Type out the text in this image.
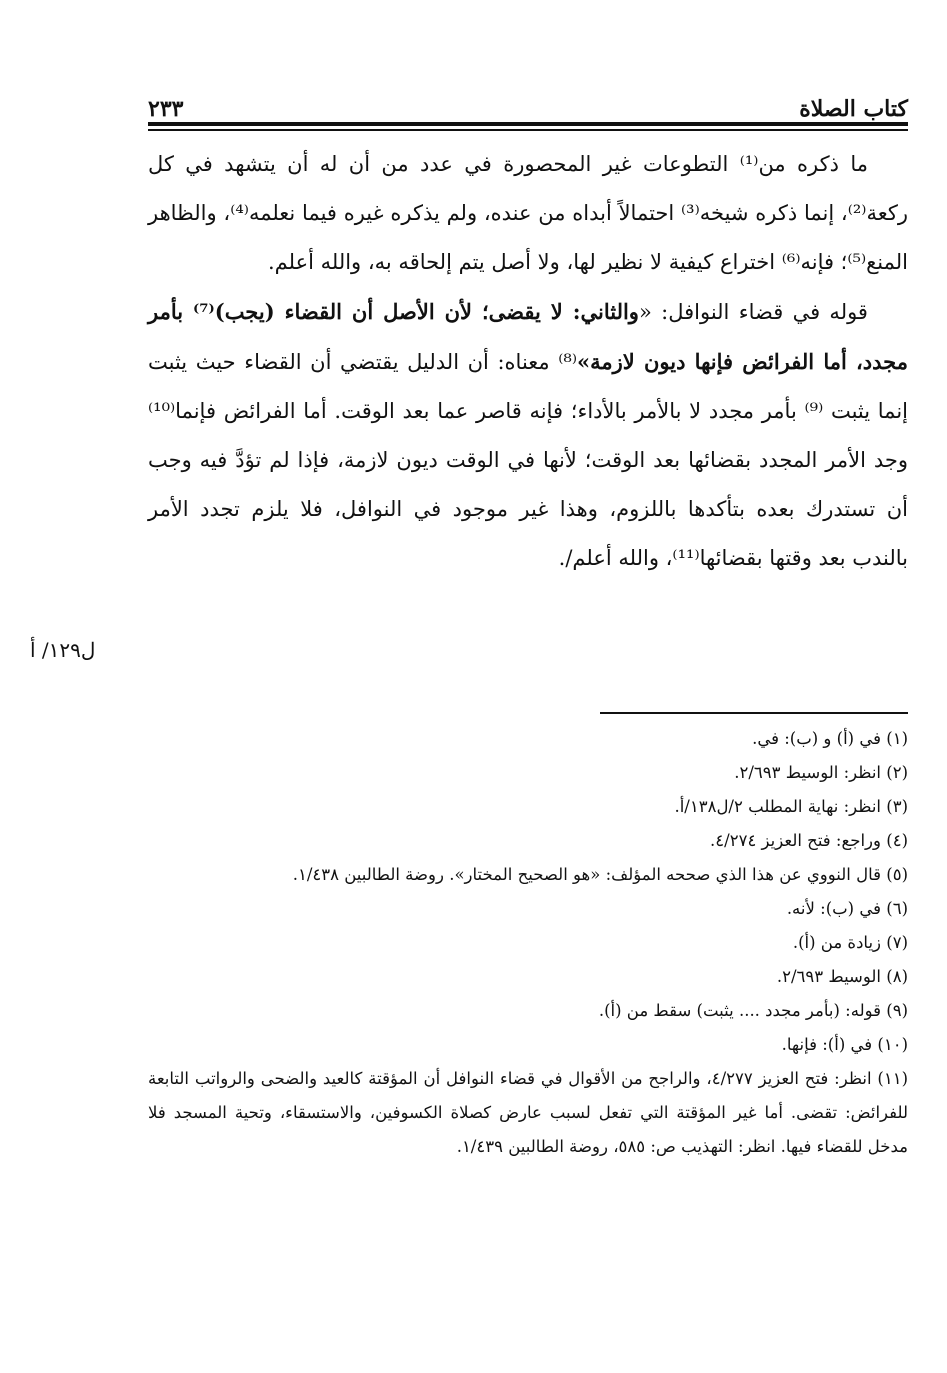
كتاب الصلاة
٢٣٣

ما ذكره من⁽¹⁾ التطوعات غير المحصورة في عدد من أن له أن يتشهد في كل ركعة⁽²⁾، إنما ذكره شيخه⁽³⁾ احتمالاً أبداه من عنده، ولم يذكره غيره فيما نعلمه⁽⁴⁾، والظاهر المنع⁽⁵⁾؛ فإنه⁽⁶⁾ اختراع كيفية لا نظير لها، ولا أصل يتم إلحاقه به، والله أعلم.

قوله في قضاء النوافل: «والثاني: لا يقضى؛ لأن الأصل أن القضاء (يجب)⁽⁷⁾ بأمر مجدد، أما الفرائض فإنها ديون لازمة»⁽⁸⁾ معناه: أن الدليل يقتضي أن القضاء حيث يثبت إنما يثبت ⁽⁹⁾ بأمر مجدد لا بالأمر بالأداء؛ فإنه قاصر عما بعد الوقت. أما الفرائض فإنما⁽¹⁰⁾ وجد الأمر المجدد بقضائها بعد الوقت؛ لأنها في الوقت ديون لازمة، فإذا لم تؤدَّ فيه وجب أن تستدرك بعده بتأكدها باللزوم، وهذا غير موجود في النوافل، فلا يلزم تجدد الأمر بالندب بعد وقتها بقضائها⁽¹¹⁾، والله أعلم/.

ل١٢٩/ أ

(١) في (أ) و (ب): في.

(٢) انظر: الوسيط ٢/٦٩٣.

(٣) انظر: نهاية المطلب ٢/ل١٣٨/أ.

(٤) وراجع: فتح العزيز ٤/٢٧٤.

(٥) قال النووي عن هذا الذي صححه المؤلف: «هو الصحيح المختار». روضة الطالبين ١/٤٣٨.

(٦) في (ب): لأنه.

(٧) زيادة من (أ).

(٨) الوسيط ٢/٦٩٣.

(٩) قوله: (بأمر مجدد .... يثبت) سقط من (أ).

(١٠) في (أ): فإنها.

(١١) انظر: فتح العزيز ٤/٢٧٧، والراجح من الأقوال في قضاء النوافل أن المؤقتة كالعيد والضحى والرواتب التابعة للفرائض: تقضى. أما غير المؤقتة التي تفعل لسبب عارض كصلاة الكسوفين، والاستسقاء، وتحية المسجد فلا مدخل للقضاء فيها. انظر: التهذيب ص: ٥٨٥، روضة الطالبين ١/٤٣٩.
